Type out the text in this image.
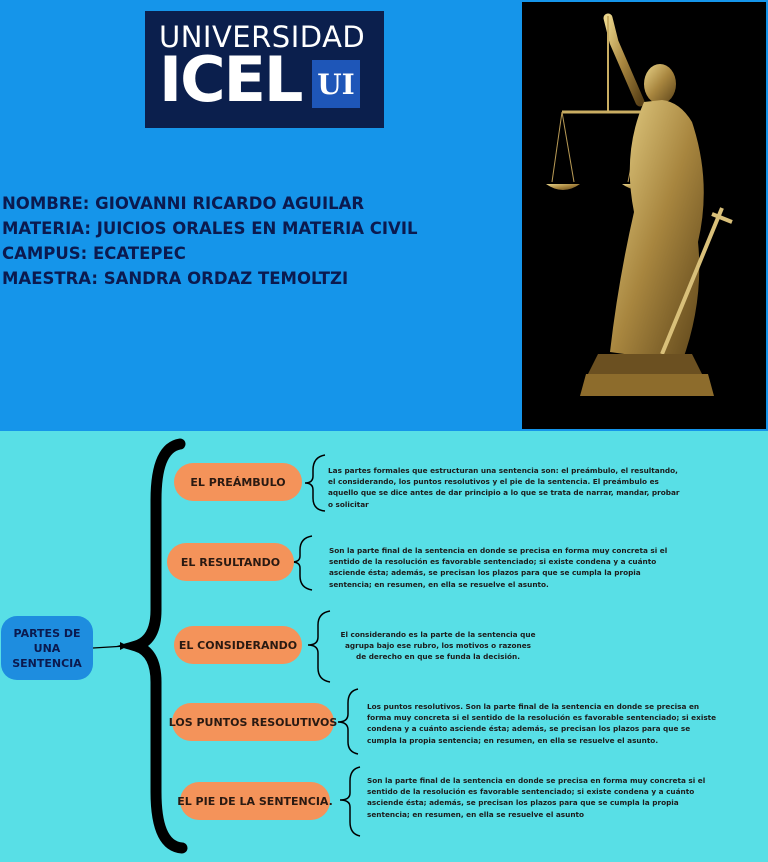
UNIVERSIDAD
ICEL UI
NOMBRE: GIOVANNI RICARDO AGUILAR
MATERIA: JUICIOS ORALES EN MATERIA CIVIL
CAMPUS: ECATEPEC
MAESTRA: SANDRA ORDAZ TEMOLTZI
PARTES DE UNA
SENTENCIA
EL PREÁMBULO
Las partes formales que estructuran una sentencia son: el preámbulo, el resultando, el considerando, los puntos resolutivos y el pie de la sentencia. El preámbulo es aquello que se dice antes de dar principio a lo que se trata de narrar, mandar, probar o solicitar
EL RESULTANDO
Son la parte final de la sentencia en donde se precisa en forma muy concreta si el sentido de la resolución es favorable sentenciado; si existe condena y a cuánto asciende ésta; además, se precisan los plazos para que se cumpla la propia sentencia; en resumen, en ella se resuelve el asunto.
EL CONSIDERANDO
El considerando es la parte de la sentencia que agrupa bajo ese rubro, los motivos o razones de derecho en que se funda la decisión.
LOS PUNTOS RESOLUTIVOS
Los puntos resolutivos. Son la parte final de la sentencia en donde se precisa en forma muy concreta si el sentido de la resolución es favorable sentenciado; si existe condena y a cuánto asciende ésta; además, se precisan los plazos para que se cumpla la propia sentencia; en resumen, en ella se resuelve el asunto.
EL PIE DE LA SENTENCIA.
Son la parte final de la sentencia en donde se precisa en forma muy concreta si el sentido de la resolución es favorable sentenciado; si existe condena y a cuánto asciende ésta; además, se precisan los plazos para que se cumpla la propia sentencia; en resumen, en ella se resuelve el asunto
